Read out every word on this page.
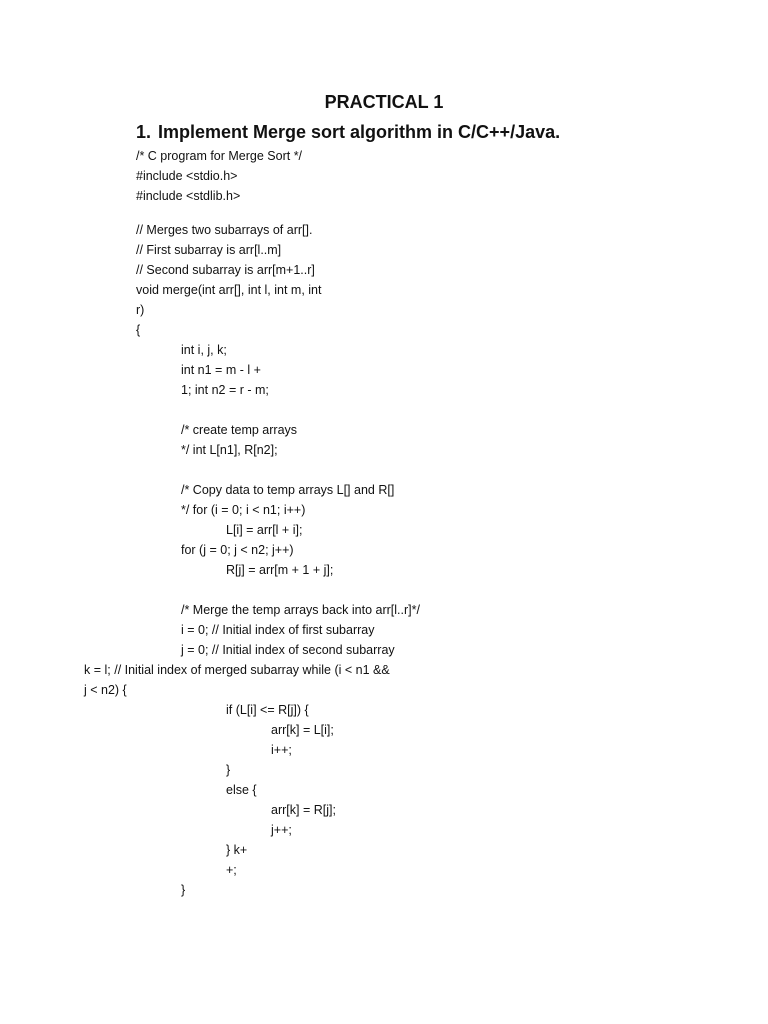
PRACTICAL 1
1. Implement Merge sort algorithm in C/C++/Java.
/* C program for Merge Sort */
#include <stdio.h>
#include <stdlib.h>
// Merges two subarrays of arr[].
// First subarray is arr[l..m]
// Second subarray is arr[m+1..r]
void merge(int arr[], int l, int m, int
r)
{
int i, j, k;
int n1 = m - l +
1; int n2 = r - m;
/* create temp arrays
*/ int L[n1], R[n2];
/* Copy data to temp arrays L[] and R[]
*/ for (i = 0; i < n1; i++)
L[i] = arr[l + i];
for (j = 0; j < n2; j++)
R[j] = arr[m + 1 + j];
/* Merge the temp arrays back into arr[l..r]*/
i = 0; // Initial index of first subarray
j = 0; // Initial index of second subarray
k = l; // Initial index of merged subarray while (i < n1 &&
j < n2) {
if (L[i] <= R[j]) {
arr[k] = L[i];
i++;
}
else {
arr[k] = R[j];
j++;
} k+
+;
}
